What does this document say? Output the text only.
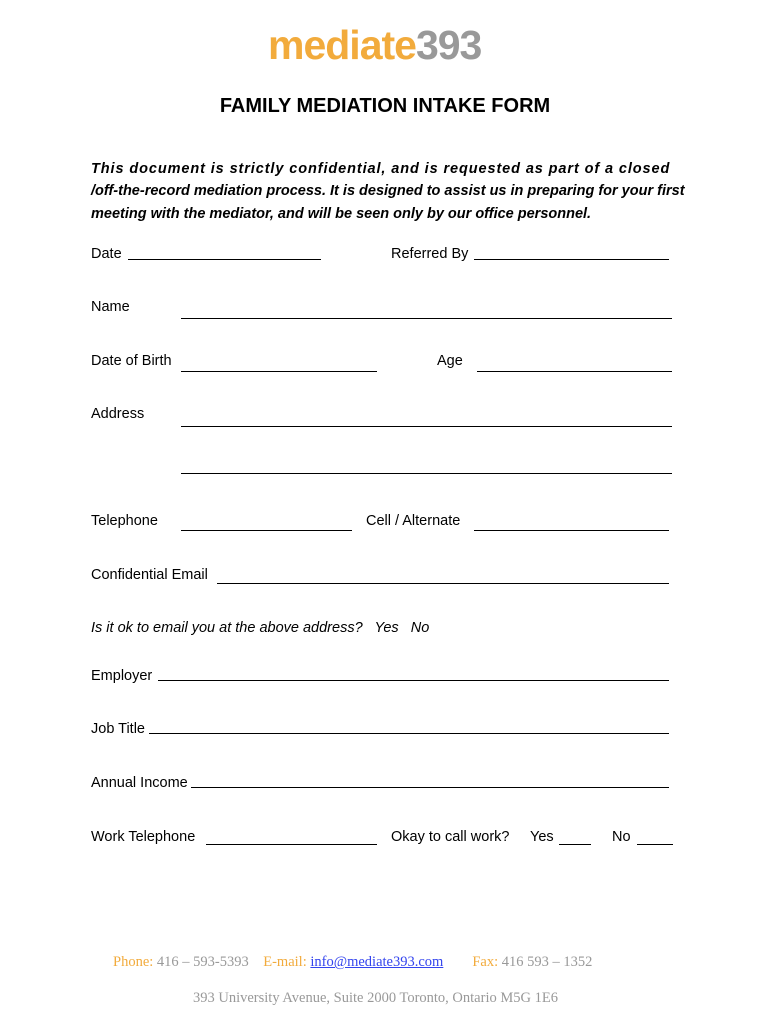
mediate393
FAMILY MEDIATION INTAKE FORM
This document is strictly confidential, and is requested as part of a closed
/off-the-record mediation process. It is designed to assist us in preparing for your first
meeting with the mediator, and will be seen only by our office personnel.
Date	Referred By
Name
Date of Birth	Age
Address
Telephone	Cell / Alternate
Confidential Email
Is it ok to email you at the above address?   Yes   No
Employer
Job Title
Annual Income
Work Telephone	Okay to call work? Yes	No
Phone: 416 – 593-5393 E-mail: info@mediate393.com Fax: 416 593 – 1352
393 University Avenue, Suite 2000 Toronto, Ontario M5G 1E6
